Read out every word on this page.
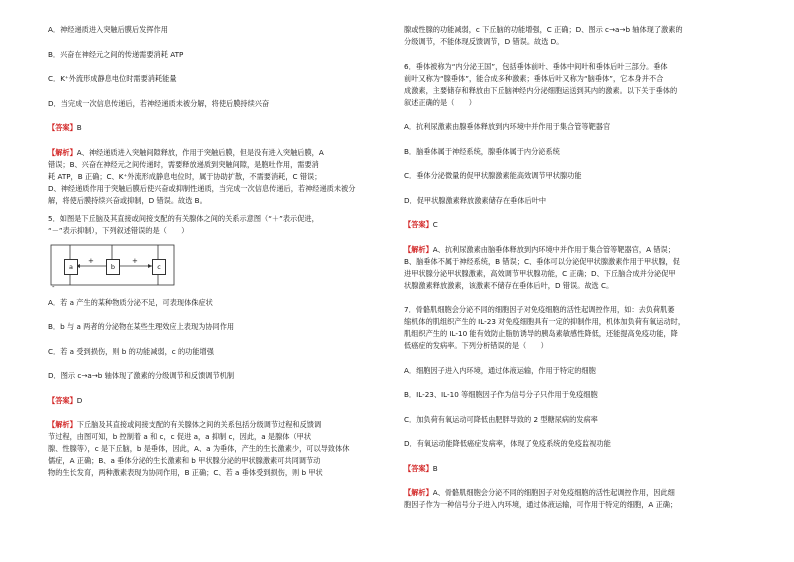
A．神经递质进入突触后膜后发挥作用
B．兴奋在神经元之间的传递需要消耗 ATP
C．K⁺外流形成静息电位时需要消耗能量
D．当完成一次信息传递后，若神经递质未被分解，将使后膜持续兴奋
【答案】B
【解析】A、神经递质进入突触间隙释放，作用于突触后膜，但是没有进入突触后膜，A
错误；B、兴奋在神经元之间传递时，需要释放递质到突触间隙，是胞吐作用，需要消
耗 ATP，B 正确；C、K⁺外流形成静息电位时，属于协助扩散，不需要消耗，C 错误；
D、神经递质作用于突触后膜后使兴奋或抑制性递质，当完成一次信息传递后，若神经递质未被分
解，将使后膜持续兴奋或抑制，D 错误。故选 B。
5．如图是下丘脑及其直接或间接支配的有关腺体之间的关系示意图（“＋”表示促进，
“－”表示抑制），下列叙述错误的是（　　）
a	b	c
+	+
-
A．若 a 产生的某种物质分泌不足，可表现体侏症状
B．b 与 a 两者的分泌物在某些生理效应上表现为协同作用
C．若 a 受到损伤，则 b 的功能减弱，c 的功能增强
D．图示 c→a→b 轴体现了激素的分级调节和反馈调节机制
【答案】D
【解析】下丘脑及其直接或间接支配的有关腺体之间的关系包括分级调节过程和反馈调
节过程，由图可知，b 控制着 a 和 c，c 促进 a，a 抑制 c，因此，a 是腺体（甲状
腺、性腺等），c 是下丘脑，b 是垂体，因此，A、a 为垂体，产生的生长激素少，可以导致体休
儒症，A 正确；B、a 垂体分泌的生长激素和 b 甲状腺分泌的甲状腺激素可共同调节动
物的生长发育，两种激素表现为协同作用，B 正确；C、若 a 垂体受到损伤，则 b 甲状
腺或性腺的功能减弱，c 下丘脑的功能增强，C 正确；D、图示 c→a→b 轴体现了激素的
分级调节，不能体现反馈调节，D 错误。故选 D。
6．垂体被称为“内分泌王国”，包括垂体前叶、垂体中间叶和垂体后叶三部分。垂体
前叶又称为“腺垂体”，能合成多种激素；垂体后叶又称为“脑垂体”，它本身并不合
成激素，主要储存和释放由下丘脑神经内分泌细胞运送到其内的激素。以下关于垂体的
叙述正确的是（　　）
A．抗利尿激素由腺垂体释放到内环境中并作用于集合管等靶器官
B．脑垂体属于神经系统，腺垂体属于内分泌系统
C．垂体分泌微量的促甲状腺激素能高效调节甲状腺功能
D．促甲状腺激素释放激素储存在垂体后叶中
【答案】C
【解析】A、抗利尿激素由脑垂体释放到内环境中并作用于集合管等靶器官，A 错误；
B、脑垂体不属于神经系统，B 错误；C、垂体可以分泌促甲状腺激素作用于甲状腺，促
进甲状腺分泌甲状腺激素，高效调节甲状腺功能，C 正确；D、下丘脑合成并分泌促甲
状腺激素释放激素，该激素不储存在垂体后叶，D 错误。故选 C。
7．骨骼肌细胞会分泌不同的细胞因子对免疫细胞的活性起调控作用，如：去负荷肌萎
缩机体的肌组织产生的 IL-23 对免疫细胞具有一定的抑制作用，机体加负荷有氧运动时，
肌组织产生的 IL-10 能有效防止脂肪诱导的胰岛素敏感性降低，还能提高免疫功能，降
低癌症的发病率。下列分析错误的是（　　）
A．细胞因子进入内环境，通过体液运输，作用于特定的细胞
B．IL-23、IL-10 等细胞因子作为信号分子只作用于免疫细胞
C．加负荷有氧运动可降低由肥胖导致的 2 型糖尿病的发病率
D．有氧运动能降低癌症发病率，体现了免疫系统的免疫监视功能
【答案】B
【解析】A、骨骼肌细胞会分泌不同的细胞因子对免疫细胞的活性起调控作用，因此细
胞因子作为一种信号分子进入内环境，通过体液运输，可作用于特定的细胞，A 正确；
